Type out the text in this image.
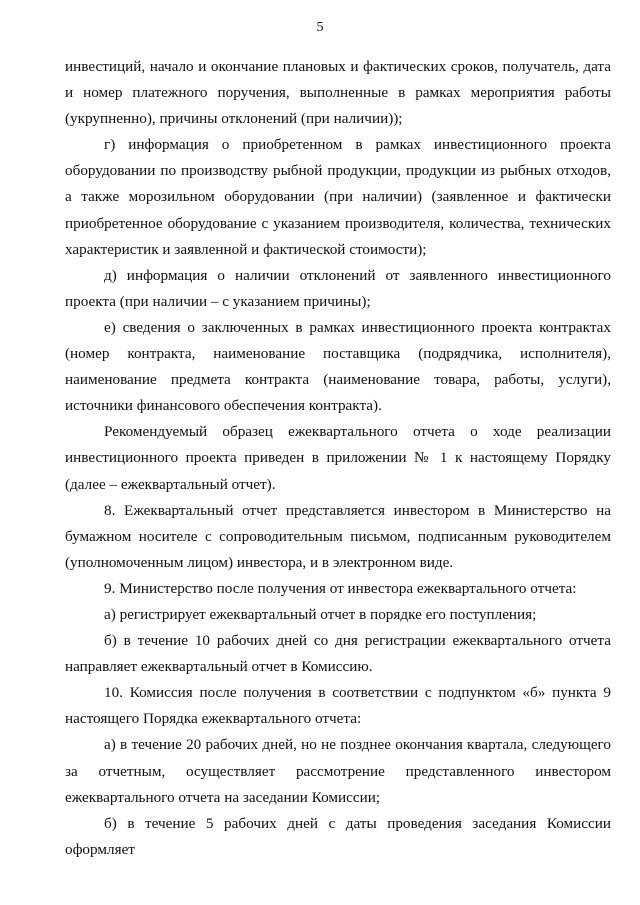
5

инвестиций, начало и окончание плановых и фактических сроков, получатель, дата и номер платежного поручения, выполненные в рамках мероприятия работы (укрупненно), причины отклонений (при наличии));

г) информация о приобретенном в рамках инвестиционного проекта оборудовании по производству рыбной продукции, продукции из рыбных отходов, а также морозильном оборудовании (при наличии) (заявленное и фактически приобретенное оборудование с указанием производителя, количества, технических характеристик и заявленной и фактической стоимости);

д) информация о наличии отклонений от заявленного инвестиционного проекта (при наличии – с указанием причины);

е) сведения о заключенных в рамках инвестиционного проекта контрактах (номер контракта, наименование поставщика (подрядчика, исполнителя), наименование предмета контракта (наименование товара, работы, услуги), источники финансового обеспечения контракта).

Рекомендуемый образец ежеквартального отчета о ходе реализации инвестиционного проекта приведен в приложении № 1 к настоящему Порядку (далее – ежеквартальный отчет).

8. Ежеквартальный отчет представляется инвестором в Министерство на бумажном носителе с сопроводительным письмом, подписанным руководителем (уполномоченным лицом) инвестора, и в электронном виде.

9. Министерство после получения от инвестора ежеквартального отчета:

а) регистрирует ежеквартальный отчет в порядке его поступления;

б) в течение 10 рабочих дней со дня регистрации ежеквартального отчета направляет ежеквартальный отчет в Комиссию.

10. Комиссия после получения в соответствии с подпунктом «б» пункта 9 настоящего Порядка ежеквартального отчета:

а) в течение 20 рабочих дней, но не позднее окончания квартала, следующего за отчетным, осуществляет рассмотрение представленного инвестором ежеквартального отчета на заседании Комиссии;

б) в течение 5 рабочих дней с даты проведения заседания Комиссии оформляет
